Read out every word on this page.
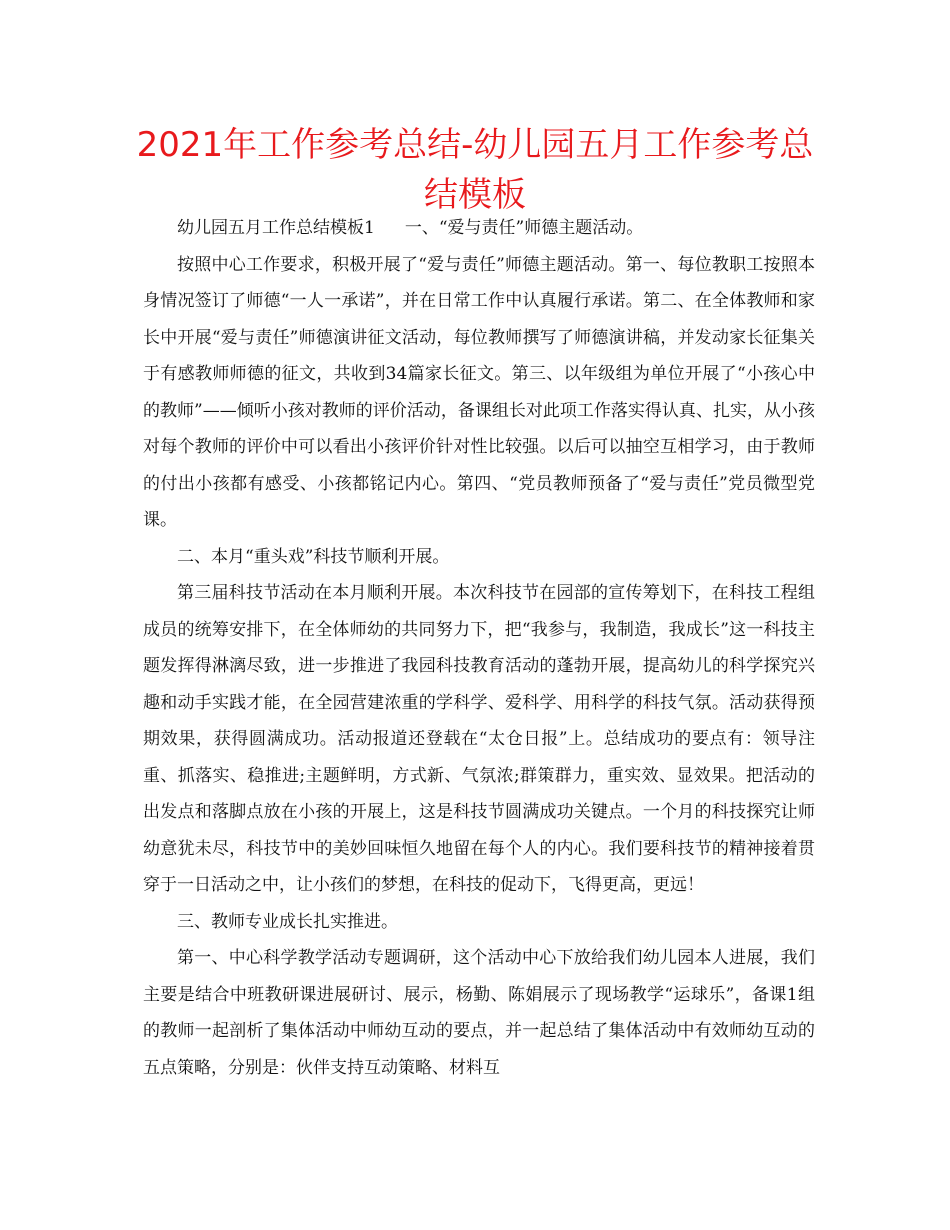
2021年工作参考总结-幼儿园五月工作参考总结模板

幼儿园五月工作总结模板1 一、“爱与责任”师德主题活动。

按照中心工作要求，积极开展了“爱与责任”师德主题活动。第一、每位教职工按照本身情况签订了师德“一人一承诺”，并在日常工作中认真履行承诺。第二、在全体教师和家长中开展“爱与责任”师德演讲征文活动，每位教师撰写了师德演讲稿，并发动家长征集关于有感教师师德的征文，共收到34篇家长征文。第三、以年级组为单位开展了“小孩心中的教师”——倾听小孩对教师的评价活动，备课组长对此项工作落实得认真、扎实，从小孩对每个教师的评价中可以看出小孩评价针对性比较强。以后可以抽空互相学习，由于教师的付出小孩都有感受、小孩都铭记内心。第四、“党员教师预备了“爱与责任”党员微型党课。

二、本月“重头戏”科技节顺利开展。

第三届科技节活动在本月顺利开展。本次科技节在园部的宣传筹划下，在科技工程组成员的统筹安排下，在全体师幼的共同努力下，把“我参与，我制造，我成长”这一科技主题发挥得淋漓尽致，进一步推进了我园科技教育活动的蓬勃开展，提高幼儿的科学探究兴趣和动手实践才能，在全园营建浓重的学科学、爱科学、用科学的科技气氛。活动获得预期效果，获得圆满成功。活动报道还登载在“太仓日报”上。总结成功的要点有：领导注重、抓落实、稳推进;主题鲜明，方式新、气氛浓;群策群力，重实效、显效果。把活动的出发点和落脚点放在小孩的开展上，这是科技节圆满成功关键点。一个月的科技探究让师幼意犹未尽，科技节中的美妙回味恒久地留在每个人的内心。我们要科技节的精神接着贯穿于一日活动之中，让小孩们的梦想，在科技的促动下，飞得更高，更远！

三、教师专业成长扎实推进。

第一、中心科学教学活动专题调研，这个活动中心下放给我们幼儿园本人进展，我们主要是结合中班教研课进展研讨、展示，杨勤、陈娟展示了现场教学“运球乐”，备课1组的教师一起剖析了集体活动中师幼互动的要点，并一起总结了集体活动中有效师幼互动的五点策略，分别是：伙伴支持互动策略、材料互
